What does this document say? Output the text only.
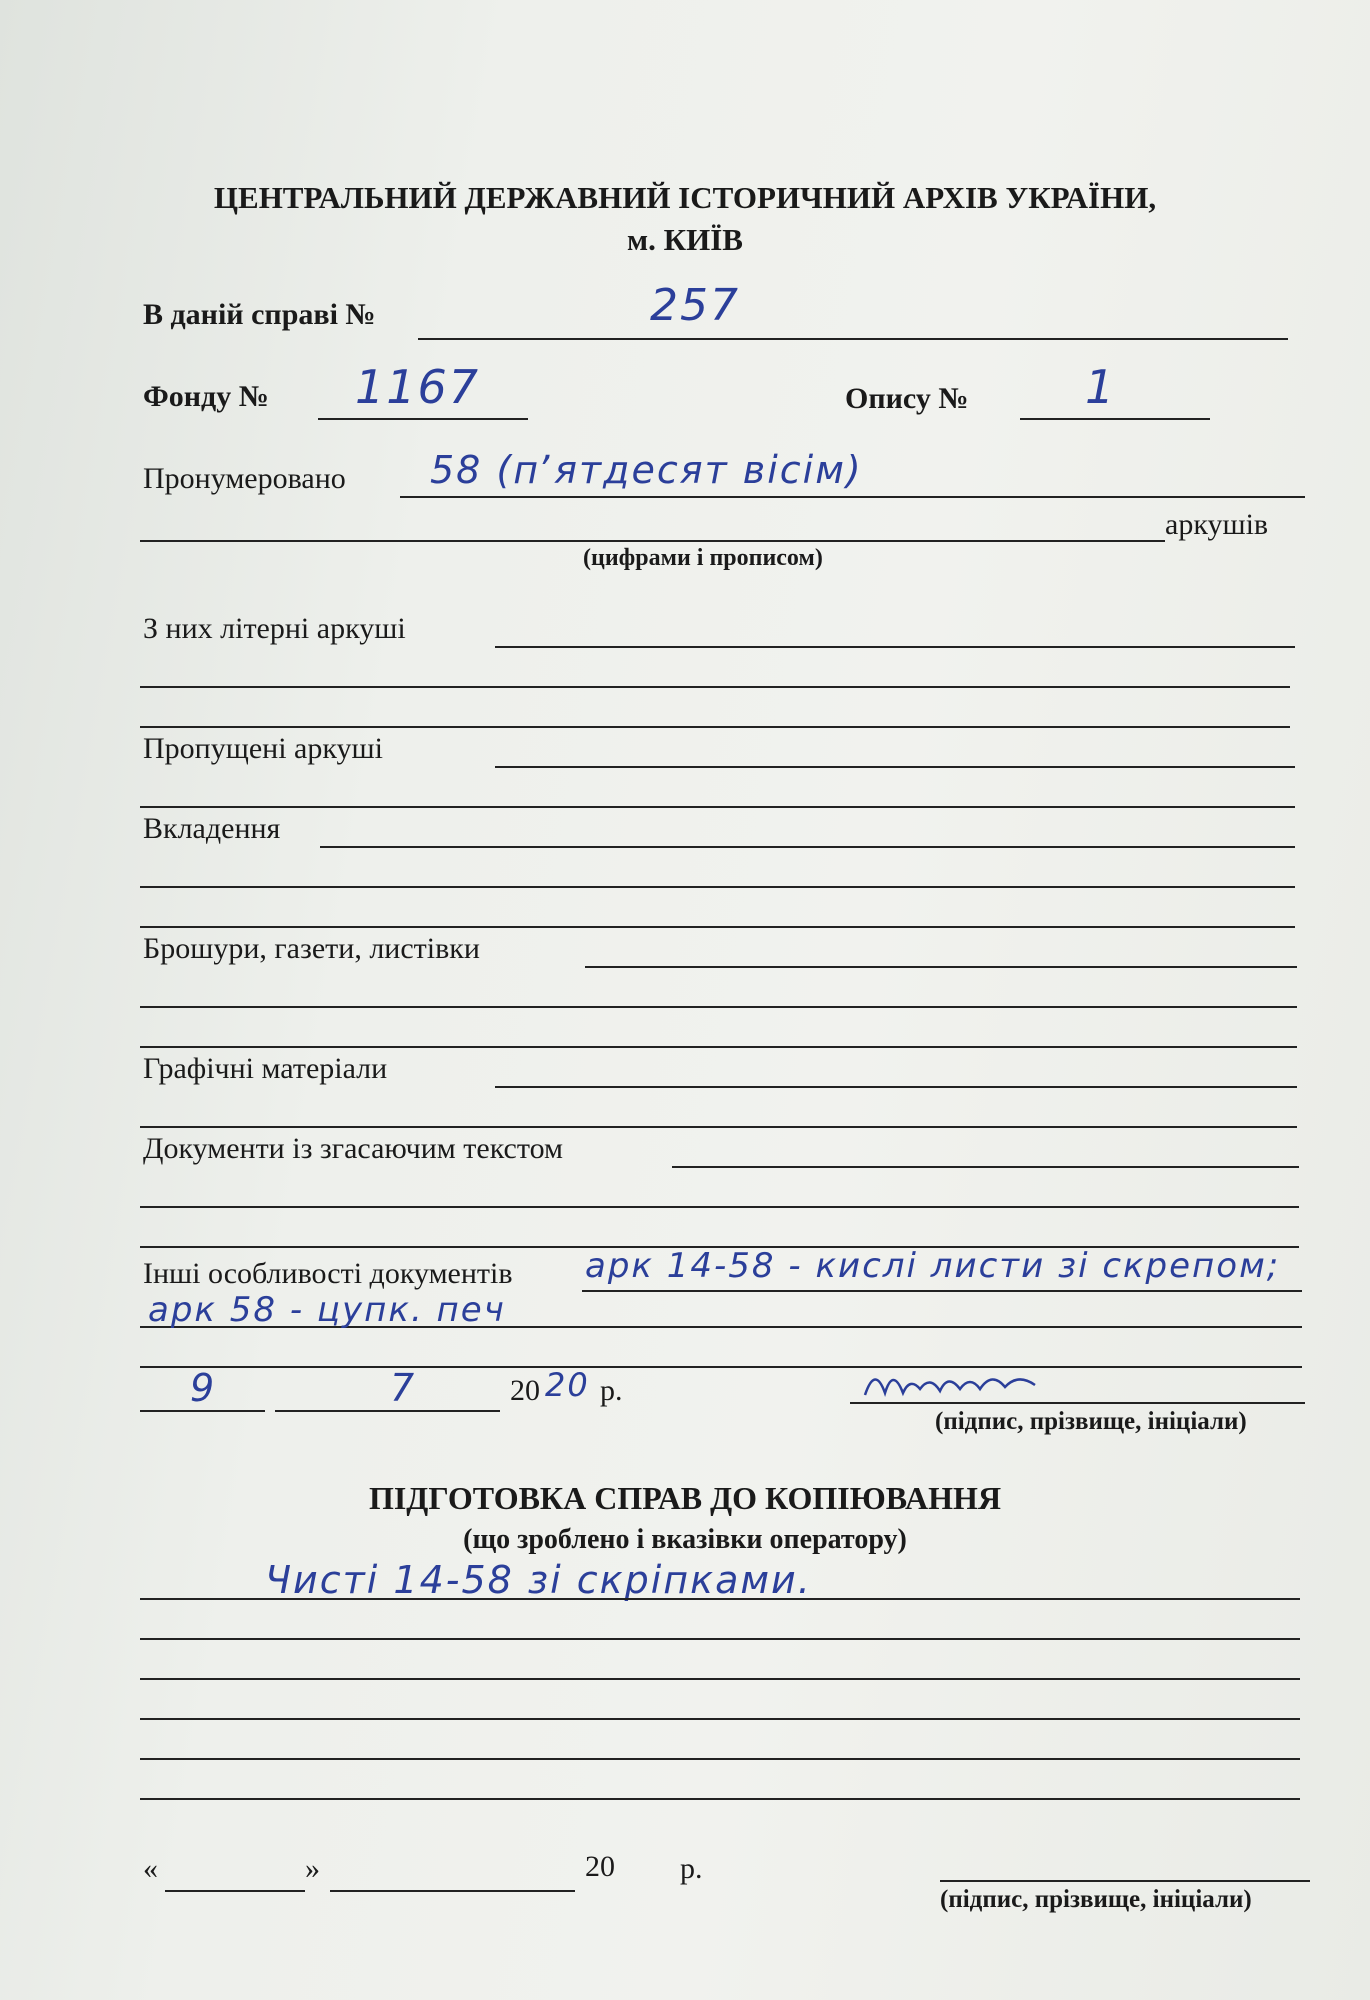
ЦЕНТРАЛЬНИЙ ДЕРЖАВНИЙ ІСТОРИЧНИЙ АРХІВ УКРАЇНИ,
м. КИЇВ
В даній справі №	257
Фонду № 1167	Опису №	1
Пронумеровано 58 (пʼятдесят вісім)
аркушів
(цифрами і прописом)
З них літерні аркуші
Пропущені аркуші
Вкладення
Брошури, газети, листівки
Графічні матеріали
Документи із згасаючим текстом
Інші особливості документів арк 14-58 - кислі листи зі скрепом;
арк 58 - цупк. печ
9	7	20 20 р.
(підпис, прізвище, ініціали)
ПІДГОТОВКА СПРАВ ДО КОПІЮВАННЯ
(що зроблено і вказівки оператору)
Чисті 14-58 зі скріпками.
«	»	20 р.
(підпис, прізвище, ініціали)
